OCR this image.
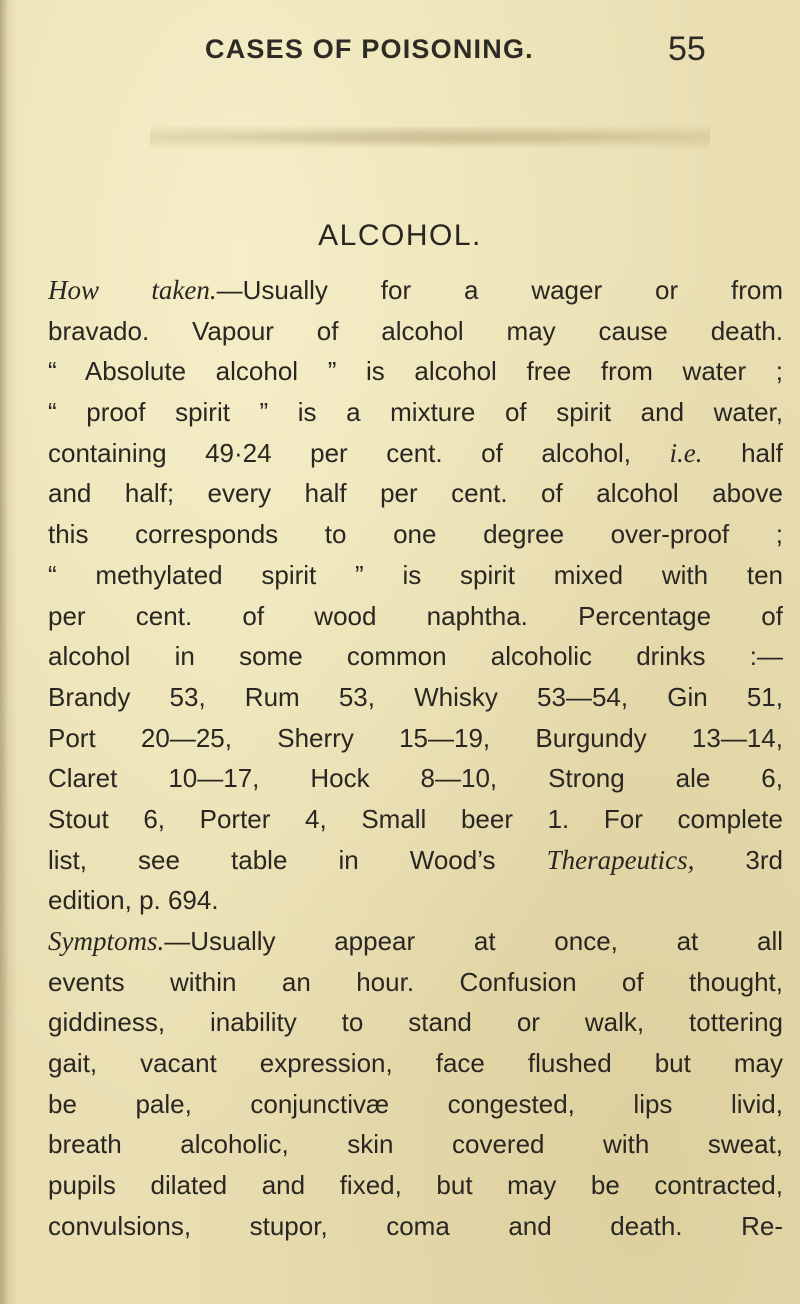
CASES OF POISONING.	55
ALCOHOL.
How taken.—Usually for a wager or from
bravado. Vapour of alcohol may cause death.
“ Absolute alcohol ” is alcohol free from water ;
“ proof spirit ” is a mixture of spirit and water,
containing 49·24 per cent. of alcohol, i.e. half
and half; every half per cent. of alcohol above
this corresponds to one degree over-proof ;
“ methylated spirit ” is spirit mixed with ten
per cent. of wood naphtha. Percentage of
alcohol in some common alcoholic drinks :—
Brandy 53, Rum 53, Whisky 53—54, Gin 51,
Port 20—25, Sherry 15—19, Burgundy 13—14,
Claret 10—17, Hock 8—10, Strong ale 6,
Stout 6, Porter 4, Small beer 1. For complete
list, see table in Wood’s Therapeutics, 3rd
edition, p. 694.
Symptoms.—Usually appear at once, at all
events within an hour. Confusion of thought,
giddiness, inability to stand or walk, tottering
gait, vacant expression, face flushed but may
be pale, conjunctivæ congested, lips livid,
breath alcoholic, skin covered with sweat,
pupils dilated and fixed, but may be contracted,
convulsions, stupor, coma and death. Re-
